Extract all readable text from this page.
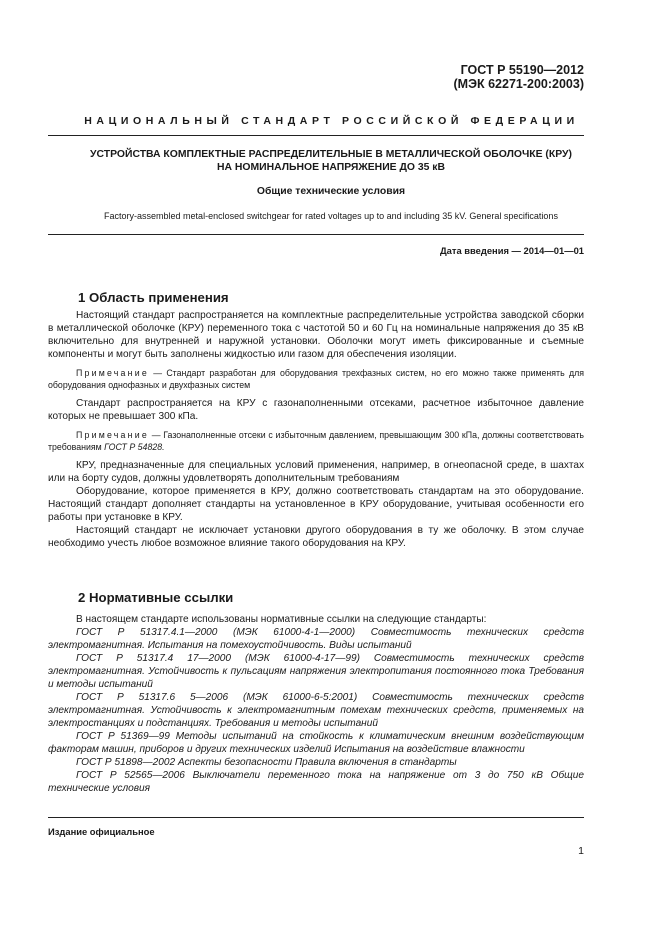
ГОСТ Р 55190—2012
(МЭК 62271-200:2003)
НАЦИОНАЛЬНЫЙ СТАНДАРТ РОССИЙСКОЙ ФЕДЕРАЦИИ
УСТРОЙСТВА КОМПЛЕКТНЫЕ РАСПРЕДЕЛИТЕЛЬНЫЕ В МЕТАЛЛИЧЕСКОЙ ОБОЛОЧКЕ (КРУ)
НА НОМИНАЛЬНОЕ НАПРЯЖЕНИЕ ДО 35 кВ
Общие технические условия
Factory-assembled metal-enclosed switchgear for rated voltages up to and including 35 kV. General specifications
Дата введения — 2014—01—01
1 Область применения

Настоящий стандарт распространяется на комплектные распределительные устройства заводской сборки в металлической оболочке (КРУ) переменного тока с частотой 50 и 60 Гц на номинальные напряжения до 35 кВ включительно для внутренней и наружной установки. Оболочки могут иметь фиксированные и съемные компоненты и могут быть заполнены жидкостью или газом для обеспечения изоляции.

Примечание — Стандарт разработан для оборудования трехфазных систем, но его можно также применять для оборудования однофазных и двухфазных систем

Стандарт распространяется на КРУ с газонаполненными отсеками, расчетное избыточное давление которых не превышает 300 кПа.

Примечание — Газонаполненные отсеки с избыточным давлением, превышающим 300 кПа, должны соответствовать требованиям ГОСТ Р 54828.

КРУ, предназначенные для специальных условий применения, например, в огнеопасной среде, в шахтах или на борту судов, должны удовлетворять дополнительным требованиям

Оборудование, которое применяется в КРУ, должно соответствовать стандартам на это оборудование. Настоящий стандарт дополняет стандарты на установленное в КРУ оборудование, учитывая особенности его работы при установке в КРУ.

Настоящий стандарт не исключает установки другого оборудования в ту же оболочку. В этом случае необходимо учесть любое возможное влияние такого оборудования на КРУ.

2 Нормативные ссылки

В настоящем стандарте использованы нормативные ссылки на следующие стандарты:

ГОСТ Р 51317.4.1—2000 (МЭК 61000-4-1—2000) Совместимость технических средств электромагнитная. Испытания на помехоустойчивость. Виды испытаний

ГОСТ Р 51317.4 17—2000 (МЭК 61000-4-17—99) Совместимость технических средств электромагнитная. Устойчивость к пульсациям напряжения электропитания постоянного тока Требования и методы испытаний

ГОСТ Р 51317.6 5—2006 (МЭК 61000-6-5:2001) Совместимость технических средств электромагнитная. Устойчивость к электромагнитным помехам технических средств, применяемых на электростанциях и подстанциях. Требования и методы испытаний

ГОСТ Р 51369—99 Методы испытаний на стойкость к климатическим внешним воздействующим факторам машин, приборов и других технических изделий Испытания на воздействие влажности

ГОСТ Р 51898—2002 Аспекты безопасности Правила включения в стандарты

ГОСТ Р 52565—2006 Выключатели переменного тока на напряжение от 3 до 750 кВ Общие технические условия

Издание официальное
1
